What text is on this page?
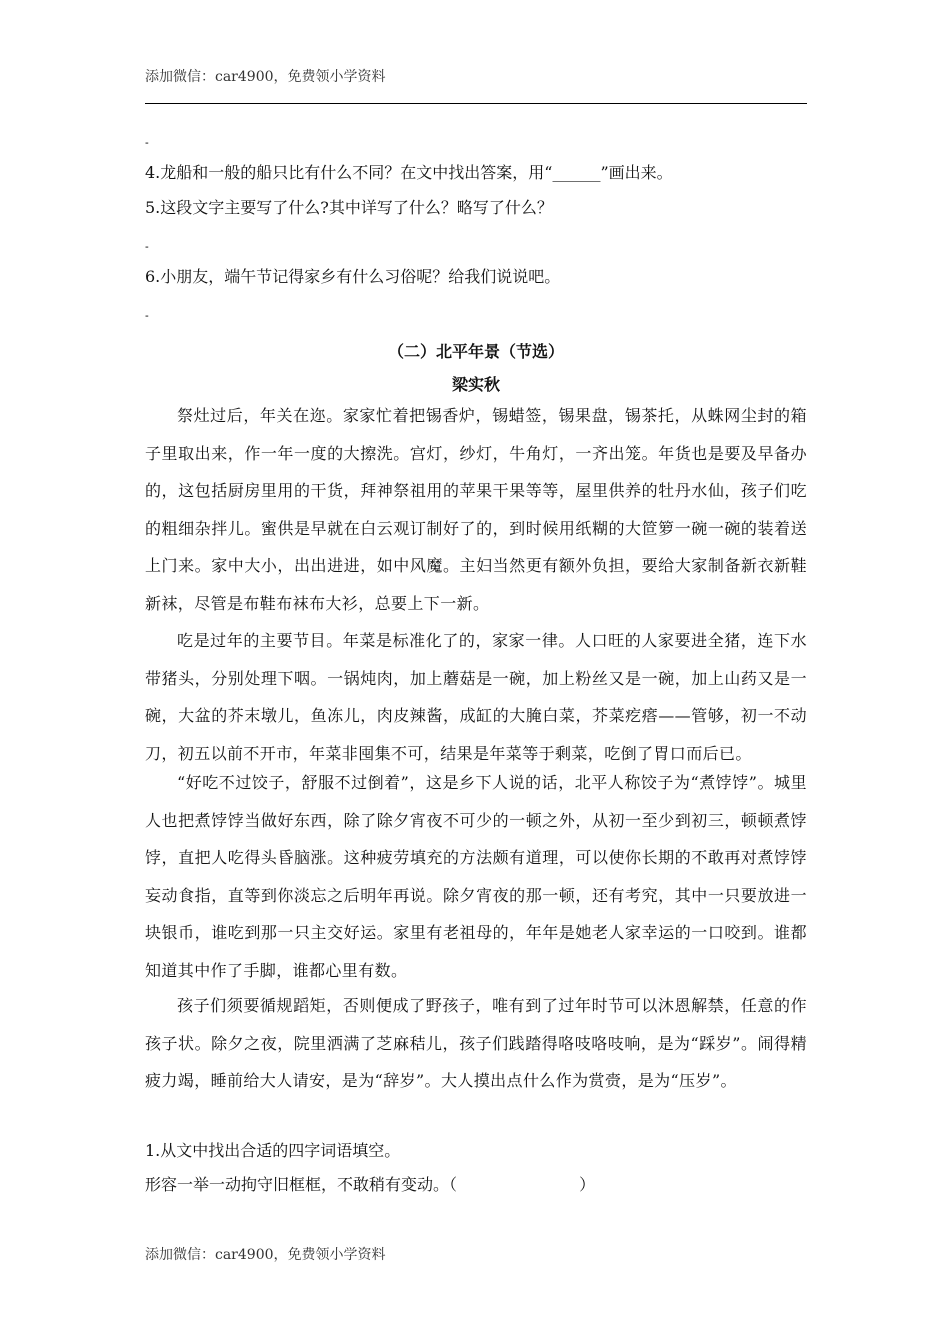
添加微信：car4900，免费领小学资料
-
4.龙船和一般的船只比有什么不同？在文中找出答案，用“______”画出来。
5.这段文字主要写了什么?其中详写了什么？略写了什么？
-
6.小朋友，端午节记得家乡有什么习俗呢？给我们说说吧。
-
（二）北平年景（节选）
梁实秋

祭灶过后，年关在迩。家家忙着把锡香炉，锡蜡签，锡果盘，锡茶托，从蛛网尘封的箱子里取出来，作一年一度的大擦洗。宫灯，纱灯，牛角灯，一齐出笼。年货也是要及早备办的，这包括厨房里用的干货，拜神祭祖用的苹果干果等等，屋里供养的牡丹水仙，孩子们吃的粗细杂拌儿。蜜供是早就在白云观订制好了的，到时候用纸糊的大笸箩一碗一碗的装着送上门来。家中大小，出出进进，如中风魔。主妇当然更有额外负担，要给大家制备新衣新鞋新袜，尽管是布鞋布袜布大衫，总要上下一新。

吃是过年的主要节目。年菜是标准化了的，家家一律。人口旺的人家要进全猪，连下水带猪头，分别处理下咽。一锅炖肉，加上蘑菇是一碗，加上粉丝又是一碗，加上山药又是一碗，大盆的芥末墩儿，鱼冻儿，肉皮辣酱，成缸的大腌白菜，芥菜疙瘩——管够，初一不动刀，初五以前不开市，年菜非囤集不可，结果是年菜等于剩菜，吃倒了胃口而后已。

“好吃不过饺子，舒服不过倒着”，这是乡下人说的话，北平人称饺子为“煮饽饽”。城里人也把煮饽饽当做好东西，除了除夕宵夜不可少的一顿之外，从初一至少到初三，顿顿煮饽饽，直把人吃得头昏脑涨。这种疲劳填充的方法颇有道理，可以使你长期的不敢再对煮饽饽妄动食指，直等到你淡忘之后明年再说。除夕宵夜的那一顿，还有考究，其中一只要放进一块银币，谁吃到那一只主交好运。家里有老祖母的，年年是她老人家幸运的一口咬到。谁都知道其中作了手脚，谁都心里有数。

孩子们须要循规蹈矩，否则便成了野孩子，唯有到了过年时节可以沐恩解禁，任意的作孩子状。除夕之夜，院里洒满了芝麻秸儿，孩子们践踏得咯吱咯吱响，是为“踩岁”。闹得精疲力竭，睡前给大人请安，是为“辞岁”。大人摸出点什么作为赏赍，是为“压岁”。

1.从文中找出合适的四字词语填空。
形容一举一动拘守旧框框，不敢稍有变动。（                        ）
添加微信：car4900，免费领小学资料
